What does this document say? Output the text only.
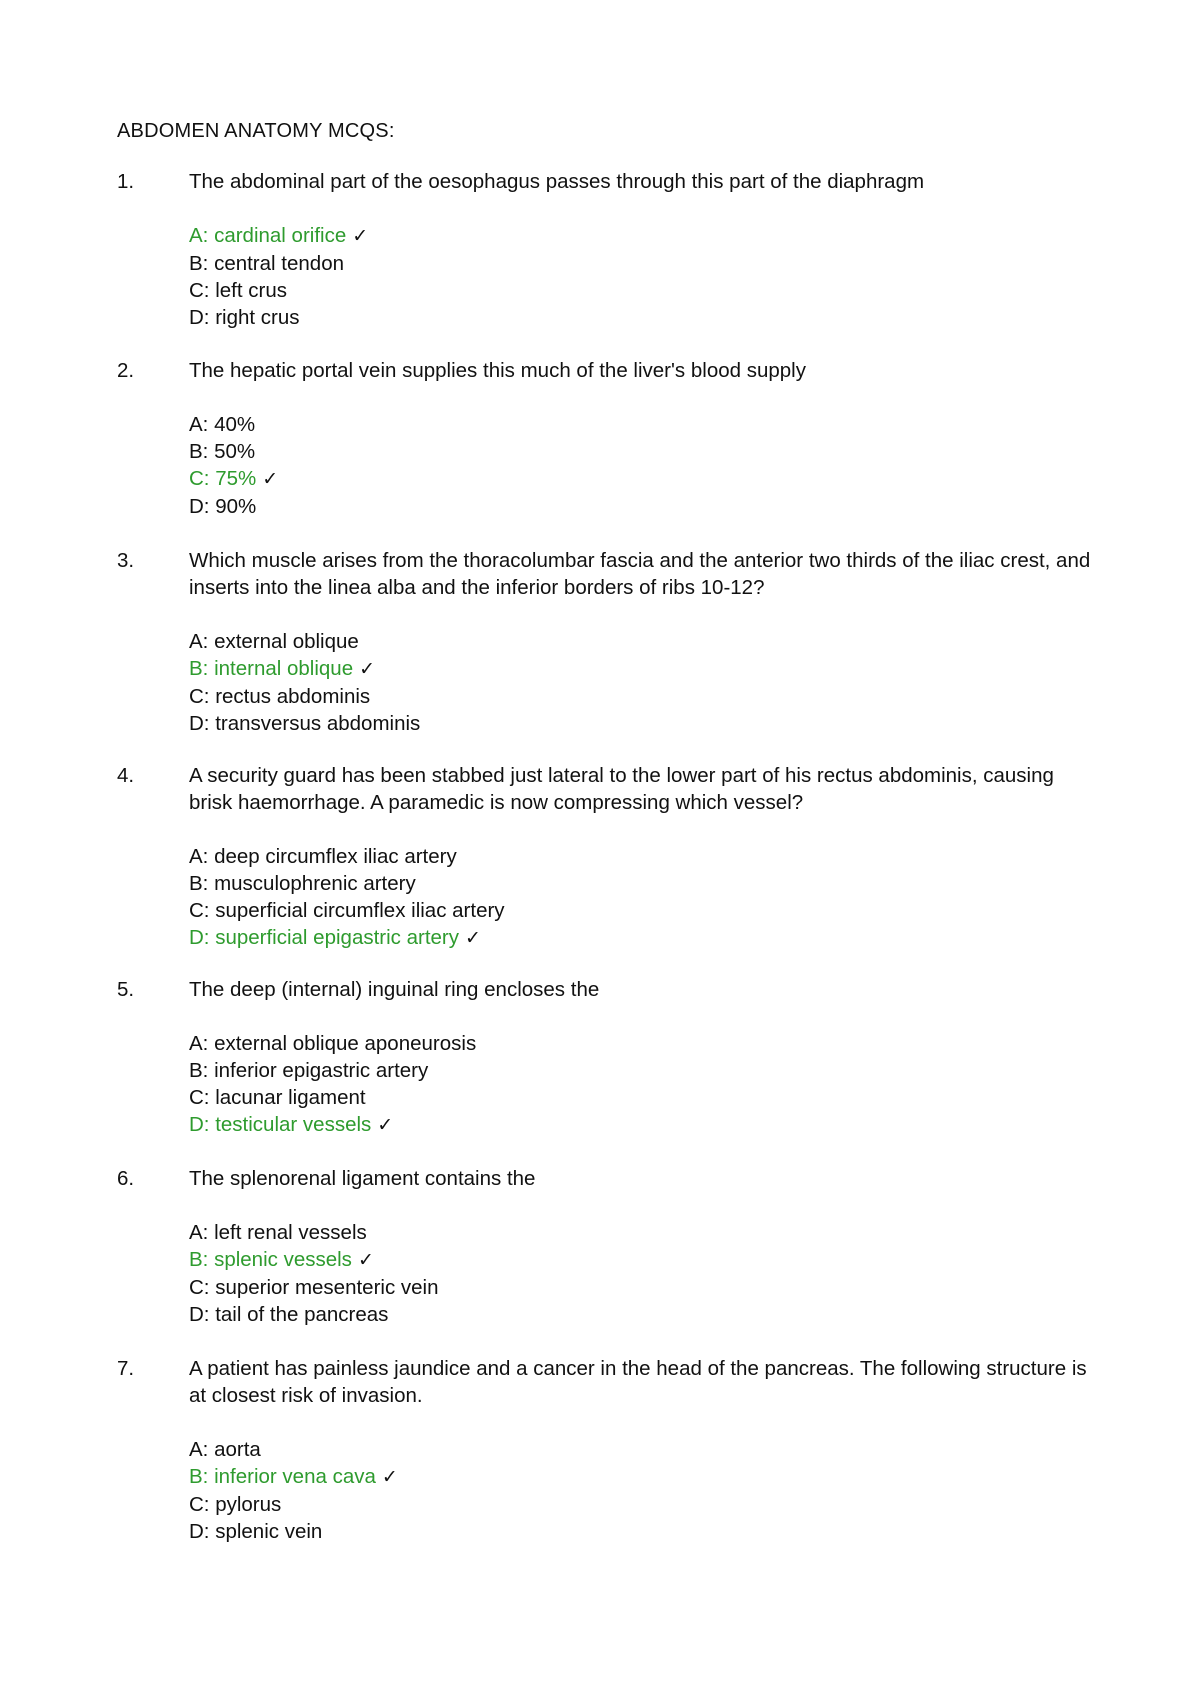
ABDOMEN ANATOMY MCQS:
1.	The abdominal part of the oesophagus passes through this part of the diaphragm

A: cardinal orifice ✓
B: central tendon
C: left crus
D: right crus
2.	The hepatic portal vein supplies this much of the liver's blood supply

A: 40%
B: 50%
C: 75% ✓
D: 90%
3.	Which muscle arises from the thoracolumbar fascia and the anterior two thirds of the iliac crest, and inserts into the linea alba and the inferior borders of ribs 10-12?

A: external oblique
B: internal oblique ✓
C: rectus abdominis
D: transversus abdominis
4.	A security guard has been stabbed just lateral to the lower part of his rectus abdominis, causing brisk haemorrhage. A paramedic is now compressing which vessel?

A: deep circumflex iliac artery
B: musculophrenic artery
C: superficial circumflex iliac artery
D: superficial epigastric artery ✓
5.	The deep (internal) inguinal ring encloses the

A: external oblique aponeurosis
B: inferior epigastric artery
C: lacunar ligament
D: testicular vessels ✓
6.	The splenorenal ligament contains the

A: left renal vessels
B: splenic vessels ✓
C: superior mesenteric vein
D: tail of the pancreas
7.	A patient has painless jaundice and a cancer in the head of the pancreas. The following structure is at closest risk of invasion.

A: aorta
B: inferior vena cava ✓
C: pylorus
D: splenic vein
